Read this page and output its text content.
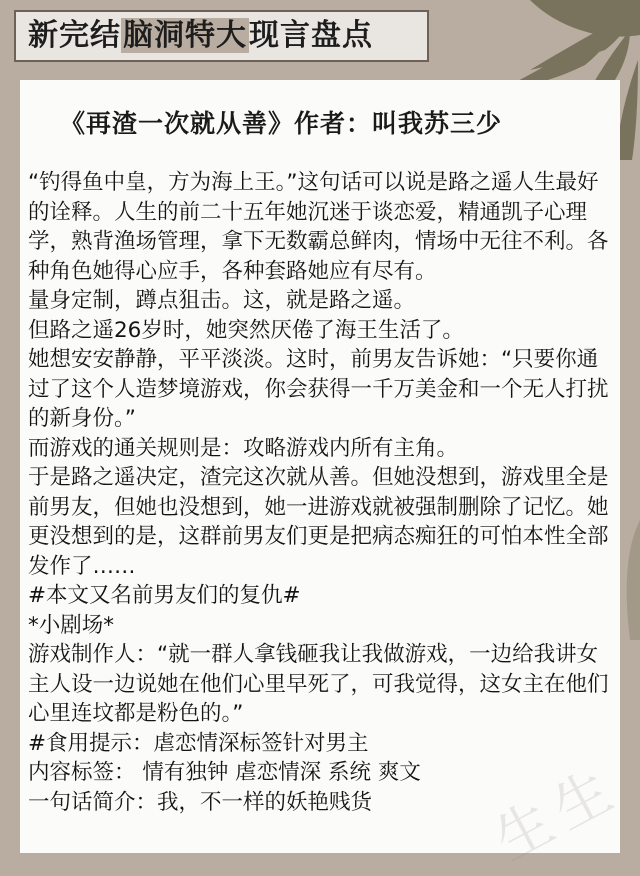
新完结脑洞特大现言盘点
《再渣一次就从善》作者：叫我苏三少

“钓得鱼中皇，方为海上王。”这句话可以说是路之遥人生最好的诠释。人生的前二十五年她沉迷于谈恋爱，精通凯子心理学，熟背渔场管理，拿下无数霸总鲜肉，情场中无往不利。各种角色她得心应手，各种套路她应有尽有。

量身定制，蹲点狙击。这，就是路之遥。

但路之遥26岁时，她突然厌倦了海王生活了。

她想安安静静，平平淡淡。这时，前男友告诉她：“只要你通过了这个人造梦境游戏，你会获得一千万美金和一个无人打扰的新身份。”

而游戏的通关规则是：攻略游戏内所有主角。

于是路之遥决定，渣完这次就从善。但她没想到，游戏里全是前男友，但她也没想到，她一进游戏就被强制删除了记忆。她更没想到的是，这群前男友们更是把病态痴狂的可怕本性全部发作了……

#本文又名前男友们的复仇#

*小剧场*

游戏制作人：“就一群人拿钱砸我让我做游戏，一边给我讲女主人设一边说她在他们心里早死了，可我觉得，这女主在他们心里连坟都是粉色的。”

#食用提示：虐恋情深标签针对男主

内容标签： 情有独钟 虐恋情深 系统 爽文

一句话简介：我，不一样的妖艳贱货	生生
